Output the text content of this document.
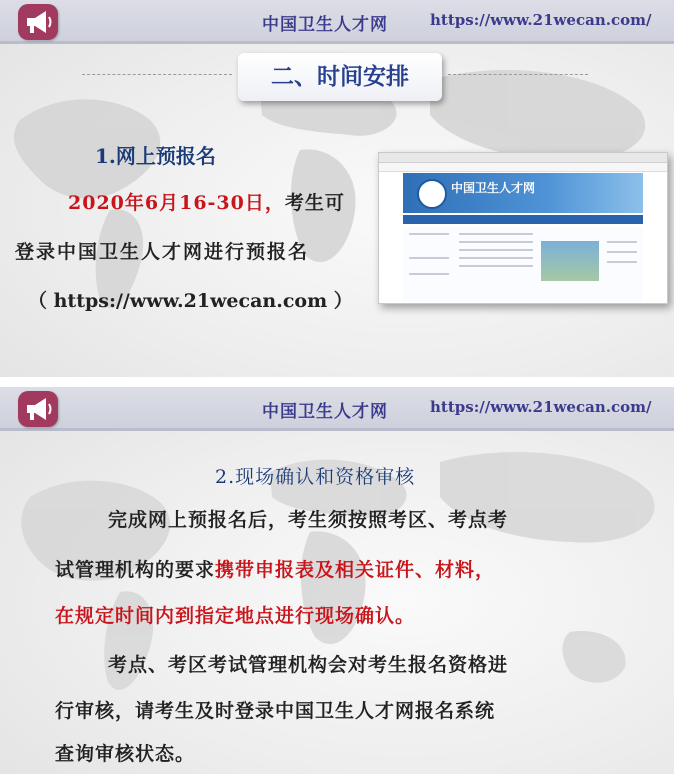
中国卫生人才网	https://www.21wecan.com/
二、时间安排
1.网上预报名
2020年6月16-30日，考生可
登录中国卫生人才网进行预报名
（ https://www.21wecan.com ）
中国卫生人才网
中国卫生人才网	https://www.21wecan.com/
2.现场确认和资格审核
完成网上预报名后，考生须按照考区、考点考
试管理机构的要求携带申报表及相关证件、材料，
在规定时间内到指定地点进行现场确认。
考点、考区考试管理机构会对考生报名资格进
行审核，请考生及时登录中国卫生人才网报名系统
查询审核状态。
